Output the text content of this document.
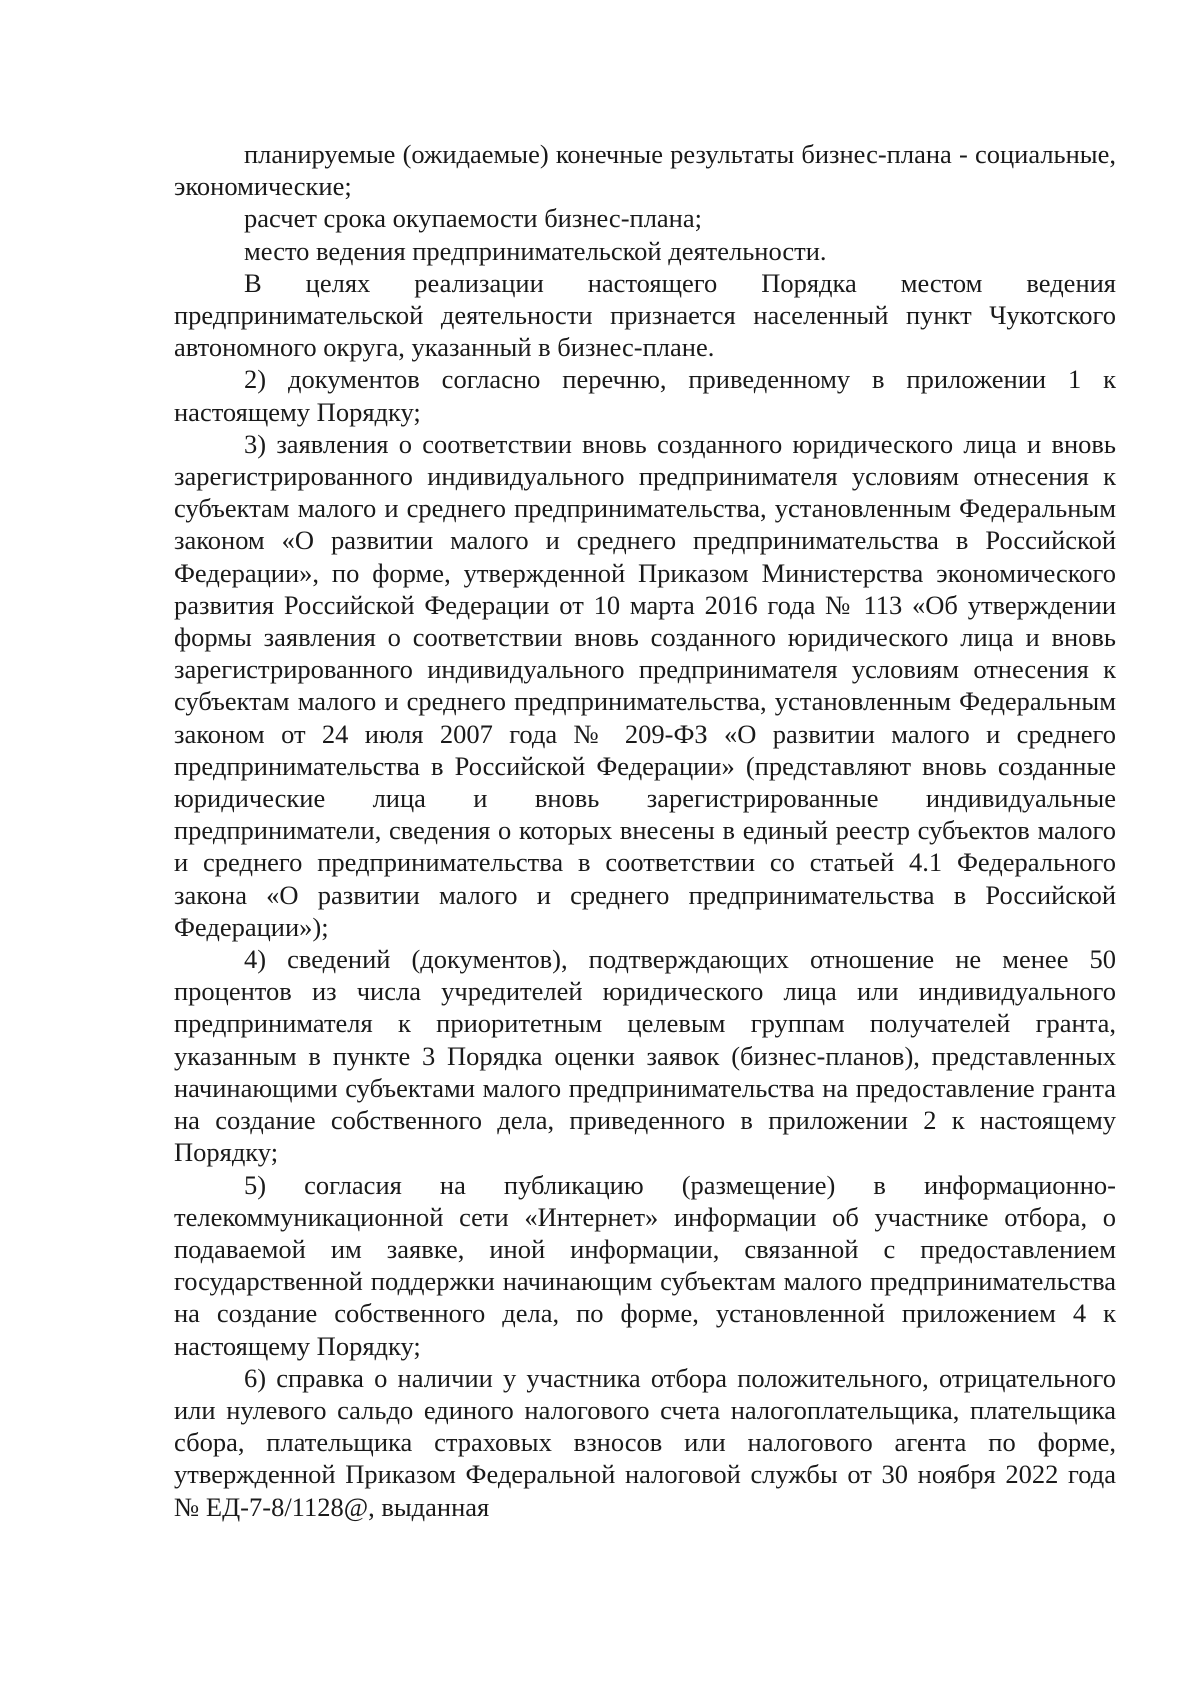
планируемые (ожидаемые) конечные результаты бизнес-плана - социальные, экономические;

расчет срока окупаемости бизнес-плана;

место ведения предпринимательской деятельности.

В целях реализации настоящего Порядка местом ведения предпринимательской деятельности признается населенный пункт Чукотского автономного округа, указанный в бизнес-плане.

2) документов согласно перечню, приведенному в приложении 1 к настоящему Порядку;

3) заявления о соответствии вновь созданного юридического лица и вновь зарегистрированного индивидуального предпринимателя условиям отнесения к субъектам малого и среднего предпринимательства, установленным Федеральным законом «О развитии малого и среднего предпринимательства в Российской Федерации», по форме, утвержденной Приказом Министерства экономического развития Российской Федерации от 10 марта 2016 года № 113 «Об утверждении формы заявления о соответствии вновь созданного юридического лица и вновь зарегистрированного индивидуального предпринимателя условиям отнесения к субъектам малого и среднего предпринимательства, установленным Федеральным законом от 24 июля 2007 года № 209-ФЗ «О развитии малого и среднего предпринимательства в Российской Федерации» (представляют вновь созданные юридические лица и вновь зарегистрированные индивидуальные предприниматели, сведения о которых внесены в единый реестр субъектов малого и среднего предпринимательства в соответствии со статьей 4.1 Федерального закона «О развитии малого и среднего предпринимательства в Российской Федерации»);

4) сведений (документов), подтверждающих отношение не менее 50 процентов из числа учредителей юридического лица или индивидуального предпринимателя к приоритетным целевым группам получателей гранта, указанным в пункте 3 Порядка оценки заявок (бизнес-планов), представленных начинающими субъектами малого предпринимательства на предоставление гранта на создание собственного дела, приведенного в приложении 2 к настоящему Порядку;

5) согласия на публикацию (размещение) в информационно-телекоммуникационной сети «Интернет» информации об участнике отбора, о подаваемой им заявке, иной информации, связанной с предоставлением государственной поддержки начинающим субъектам малого предпринимательства на создание собственного дела, по форме, установленной приложением 4 к настоящему Порядку;

6) справка о наличии у участника отбора положительного, отрицательного или нулевого сальдо единого налогового счета налогоплательщика, плательщика сбора, плательщика страховых взносов или налогового агента по форме, утвержденной Приказом Федеральной налоговой службы от 30 ноября 2022 года № ЕД-7-8/1128@, выданная
